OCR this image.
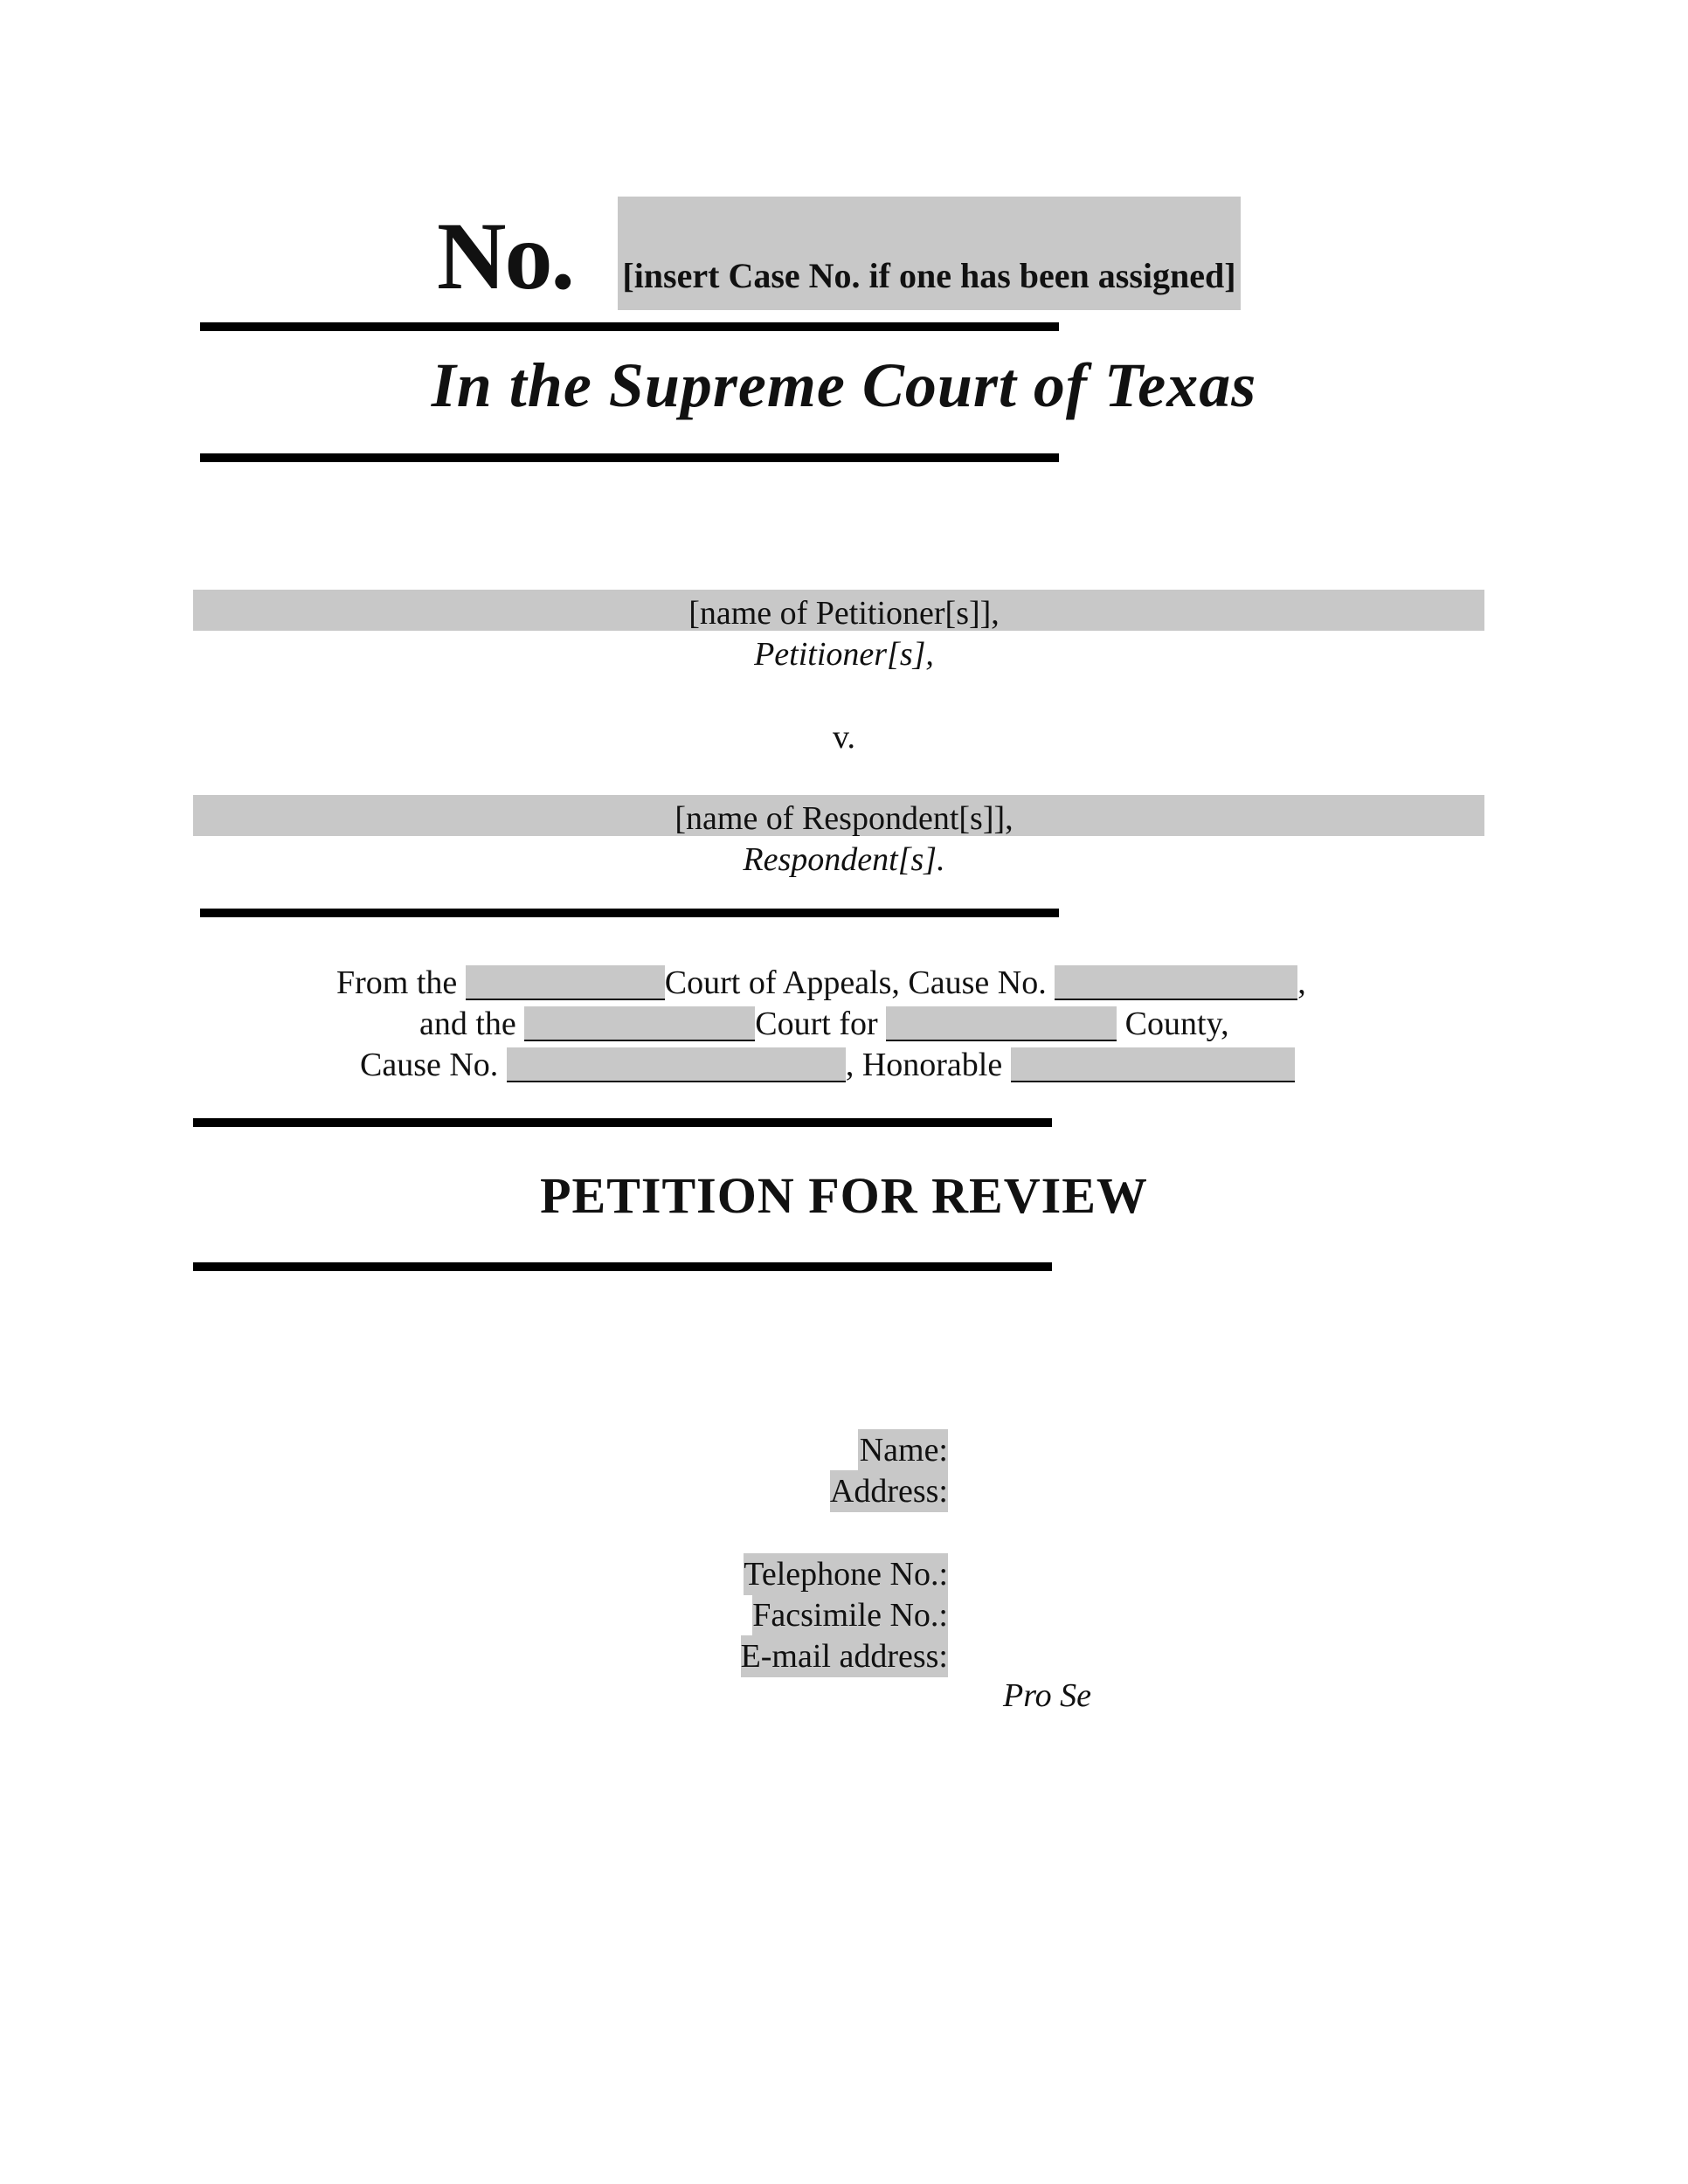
No. [insert Case No. if one has been assigned]
In the Supreme Court of Texas
[name of Petitioner[s]],
Petitioner[s],
v.
[name of Respondent[s]],
Respondent[s].
From the	Court of Appeals, Cause No.	,
and the	Court for	County,
Cause No.	, Honorable
PETITION FOR REVIEW
Name:
Address:
Telephone No.:
Facsimile No.:
E-mail address:
Pro Se
